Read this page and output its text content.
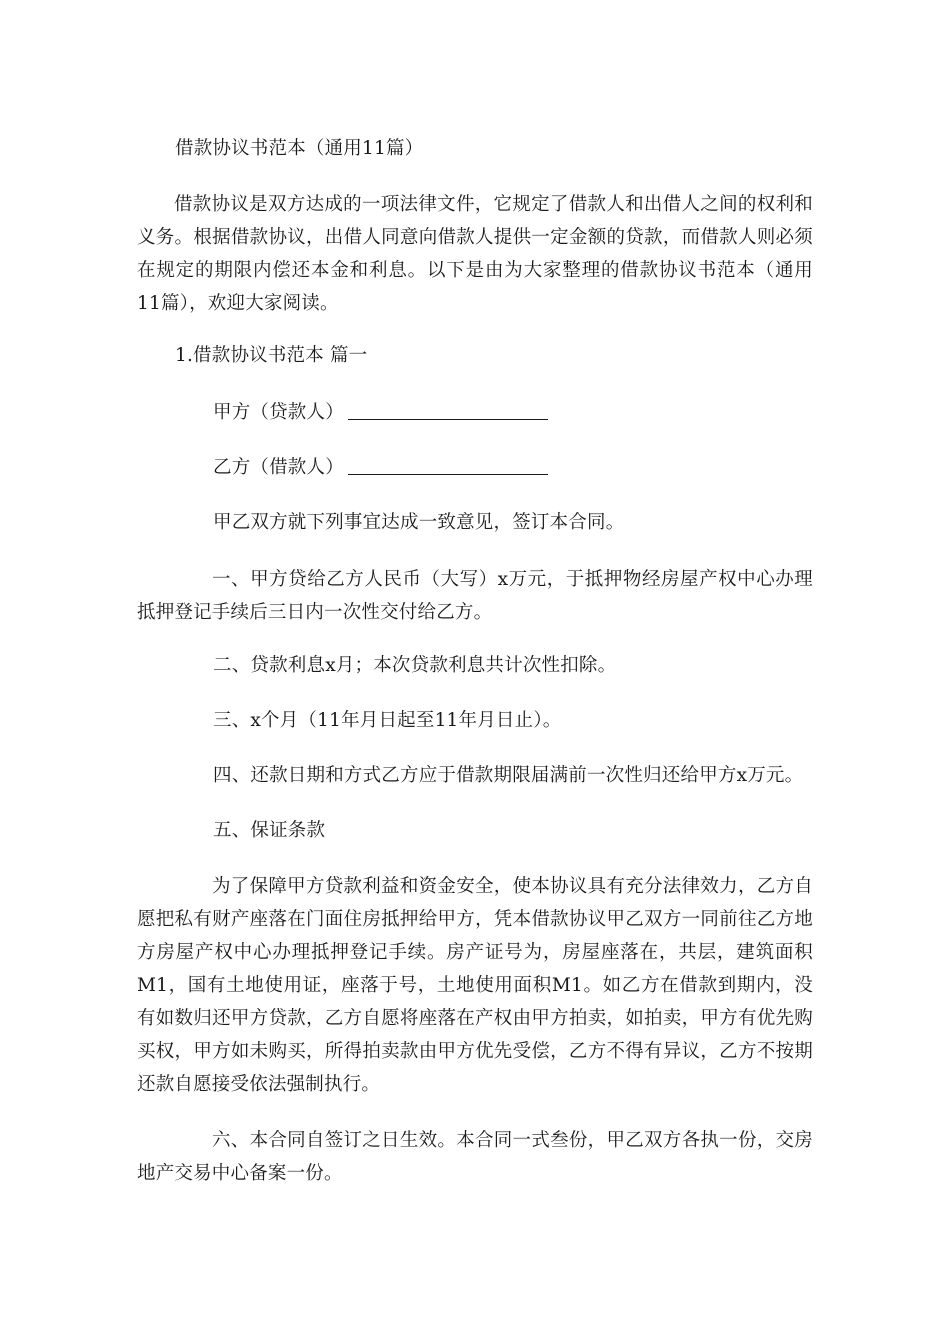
借款协议书范本（通用11篇）
借款协议是双方达成的一项法律文件，它规定了借款人和出借人之间的权利和义务。根据借款协议，出借人同意向借款人提供一定金额的贷款，而借款人则必须在规定的期限内偿还本金和利息。以下是由为大家整理的借款协议书范本（通用11篇），欢迎大家阅读。
1.借款协议书范本 篇一
甲方（贷款人）
乙方（借款人）
甲乙双方就下列事宜达成一致意见，签订本合同。
一、甲方贷给乙方人民币（大写）x万元，于抵押物经房屋产权中心办理抵押登记手续后三日内一次性交付给乙方。
二、贷款利息x月；本次贷款利息共计次性扣除。
三、x个月（11年月日起至11年月日止）。
四、还款日期和方式乙方应于借款期限届满前一次性归还给甲方x万元。
五、保证条款
为了保障甲方贷款利益和资金安全，使本协议具有充分法律效力，乙方自愿把私有财产座落在门面住房抵押给甲方，凭本借款协议甲乙双方一同前往乙方地方房屋产权中心办理抵押登记手续。房产证号为，房屋座落在，共层，建筑面积M1，国有土地使用证，座落于号，土地使用面积M1。如乙方在借款到期内，没有如数归还甲方贷款，乙方自愿将座落在产权由甲方拍卖，如拍卖，甲方有优先购买权，甲方如未购买，所得拍卖款由甲方优先受偿，乙方不得有异议，乙方不按期还款自愿接受依法强制执行。
六、本合同自签订之日生效。本合同一式叁份，甲乙双方各执一份，交房地产交易中心备案一份。
